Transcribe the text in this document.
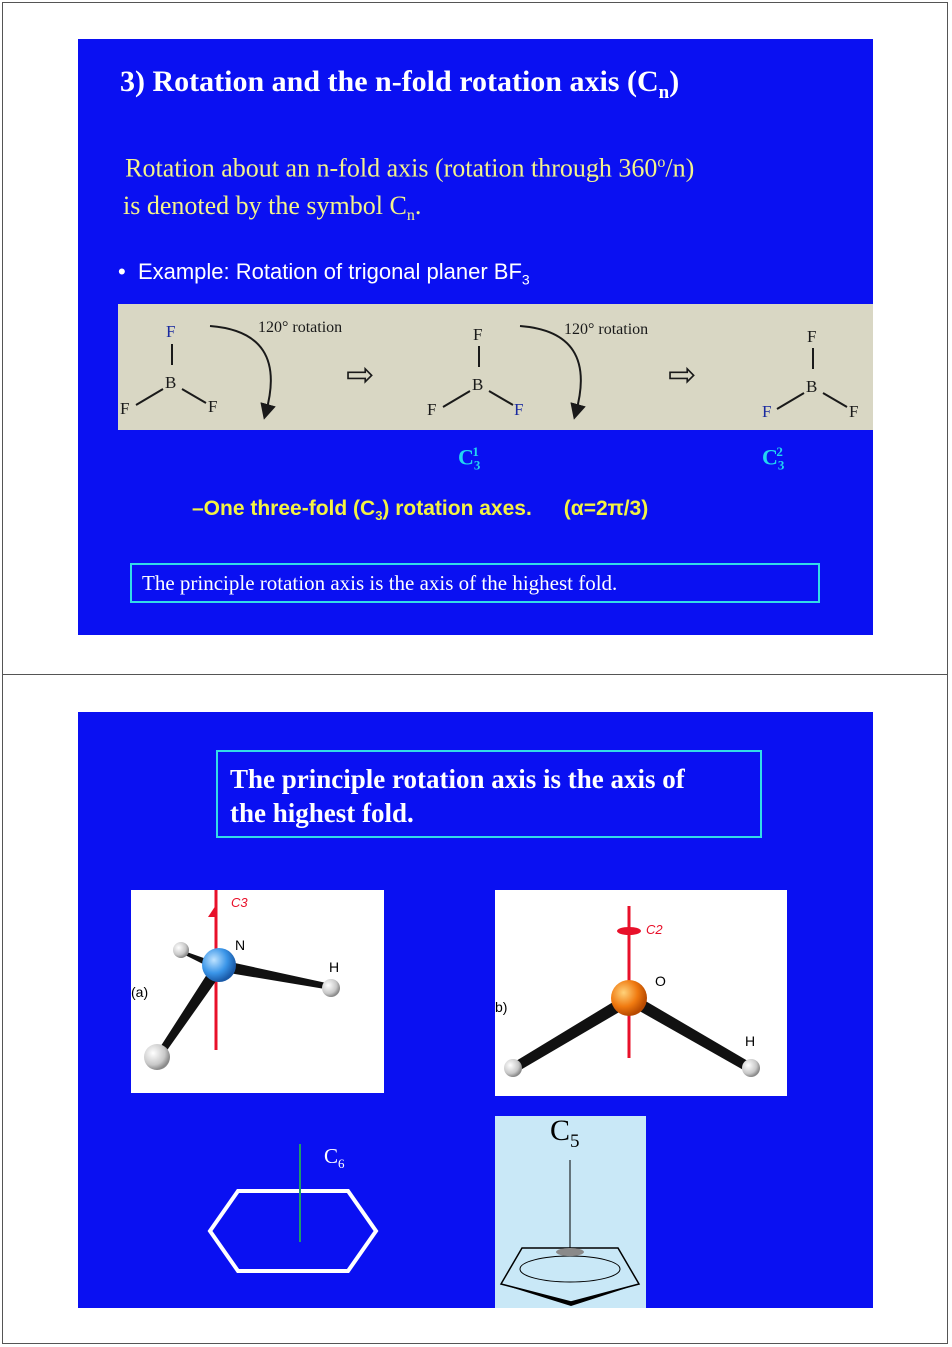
3) Rotation and the n-fold rotation axis $(C_n)$
 Rotation about an n-fold axis (rotation through 360$^o$/n)
is denoted by the symbol $C_n$.
• Example: Rotation of trigonal planer $BF_3$
F
B
F	F
120° rotation
⇨
F
B
F	F
120° rotation
⇨
F
B
F	F
$C_3^1$	$C_3^2$
–One three-fold $(C_3)$ rotation axes. (α=2π/3)
The principle rotation axis is the axis of the highest fold.
The principle rotation axis is the axis of
the highest fold.
C3
N
H
(a)
C2
O
H
b)
$C_6$
$C_5$
